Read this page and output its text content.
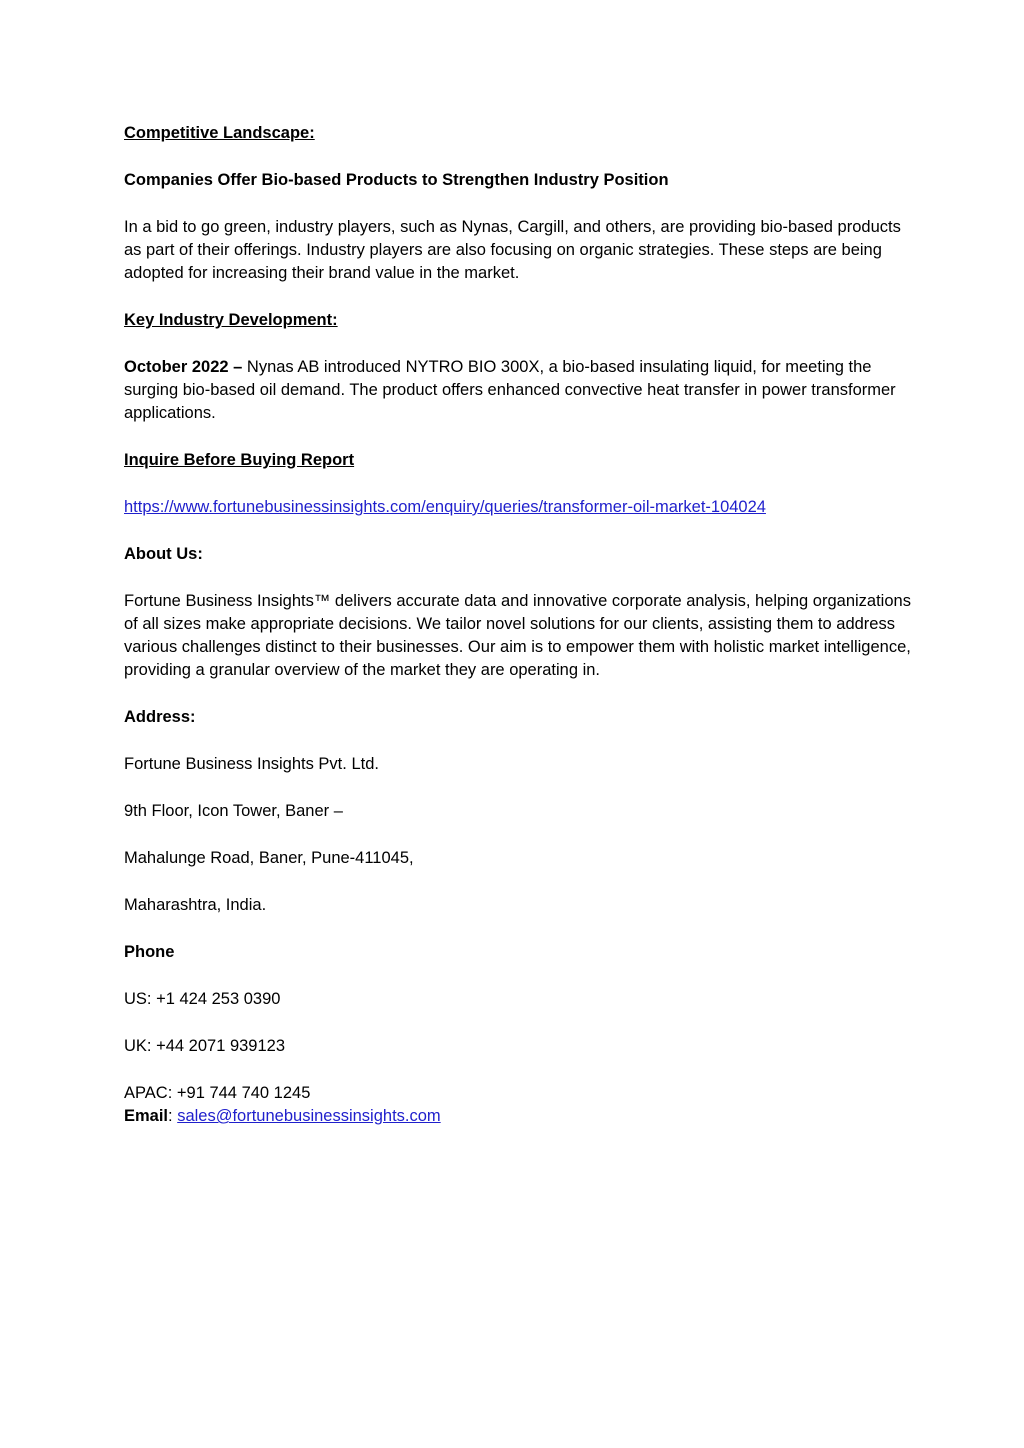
Competitive Landscape:

Companies Offer Bio-based Products to Strengthen Industry Position

In a bid to go green, industry players, such as Nynas, Cargill, and others, are providing bio-based products as part of their offerings. Industry players are also focusing on organic strategies. These steps are being adopted for increasing their brand value in the market.

Key Industry Development:

October 2022 – Nynas AB introduced NYTRO BIO 300X, a bio-based insulating liquid, for meeting the surging bio-based oil demand. The product offers enhanced convective heat transfer in power transformer applications.

Inquire Before Buying Report

https://www.fortunebusinessinsights.com/enquiry/queries/transformer-oil-market-104024

About Us:

Fortune Business Insights™ delivers accurate data and innovative corporate analysis, helping organizations of all sizes make appropriate decisions. We tailor novel solutions for our clients, assisting them to address various challenges distinct to their businesses. Our aim is to empower them with holistic market intelligence, providing a granular overview of the market they are operating in.

Address:

Fortune Business Insights Pvt. Ltd.

9th Floor, Icon Tower, Baner –

Mahalunge Road, Baner, Pune-411045,

Maharashtra, India.

Phone

US: +1 424 253 0390

UK: +44 2071 939123

APAC: +91 744 740 1245

Email: sales@fortunebusinessinsights.com
